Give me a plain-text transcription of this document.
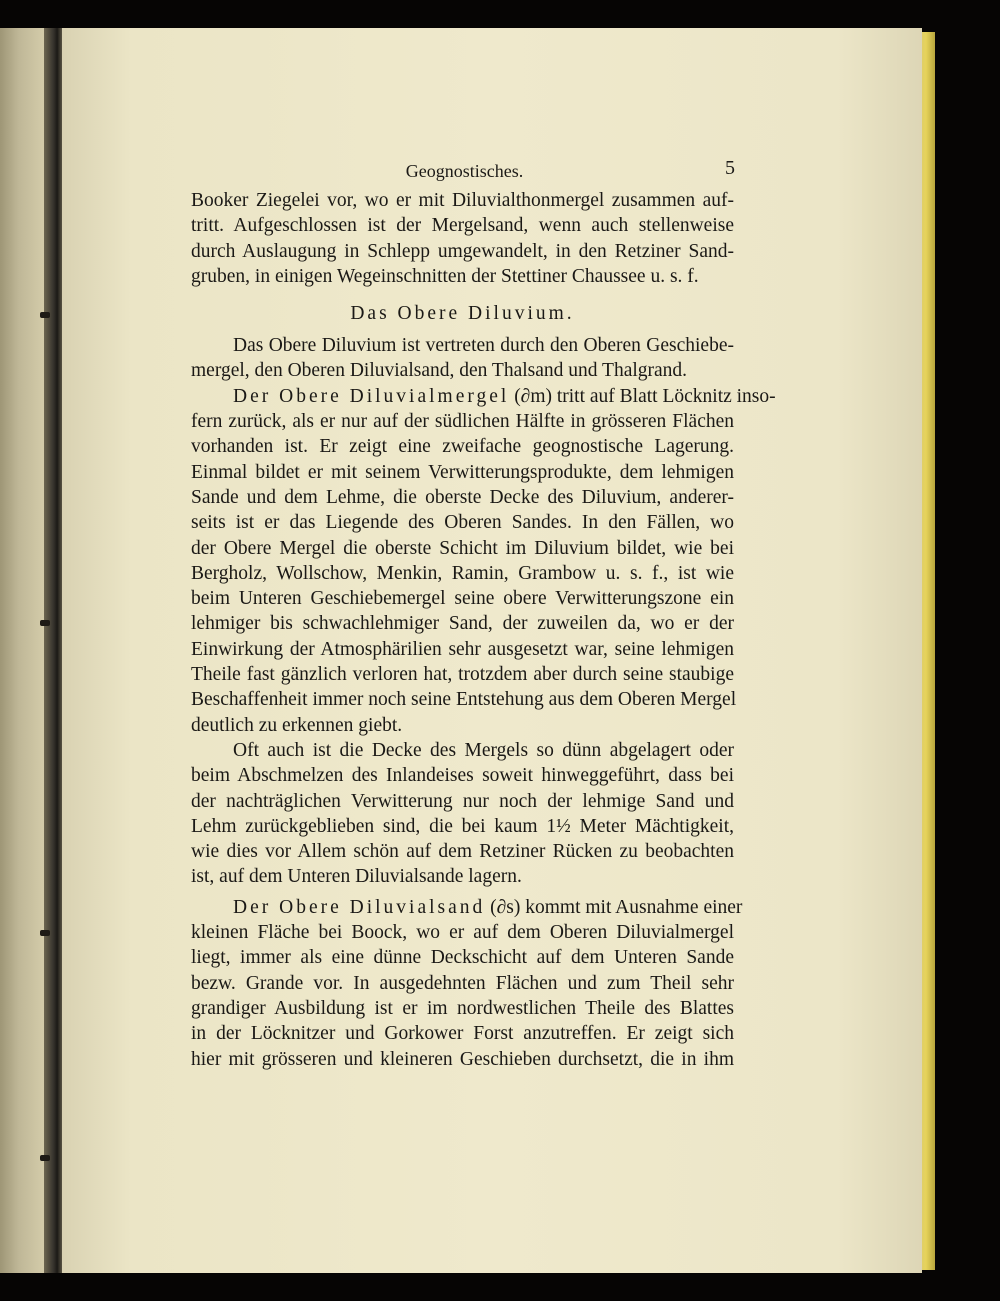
Geognostisches.	5
Booker Ziegelei vor, wo er mit Diluvialthonmergel zusammen auf-
tritt. Aufgeschlossen ist der Mergelsand, wenn auch stellenweise
durch Auslaugung in Schlepp umgewandelt, in den Retziner Sand-
gruben, in einigen Wegeinschnitten der Stettiner Chaussee u. s. f.
Das Obere Diluvium.
Das Obere Diluvium ist vertreten durch den Oberen Geschiebe-
mergel, den Oberen Diluvialsand, den Thalsand und Thalgrand.
Der Obere Diluvialmergel (∂m) tritt auf Blatt Löcknitz inso-
fern zurück, als er nur auf der südlichen Hälfte in grösseren Flächen
vorhanden ist. Er zeigt eine zweifache geognostische Lagerung.
Einmal bildet er mit seinem Verwitterungsprodukte, dem lehmigen
Sande und dem Lehme, die oberste Decke des Diluvium, anderer-
seits ist er das Liegende des Oberen Sandes. In den Fällen, wo
der Obere Mergel die oberste Schicht im Diluvium bildet, wie bei
Bergholz, Wollschow, Menkin, Ramin, Grambow u. s. f., ist wie
beim Unteren Geschiebemergel seine obere Verwitterungszone ein
lehmiger bis schwachlehmiger Sand, der zuweilen da, wo er der
Einwirkung der Atmosphärilien sehr ausgesetzt war, seine lehmigen
Theile fast gänzlich verloren hat, trotzdem aber durch seine staubige
Beschaffenheit immer noch seine Entstehung aus dem Oberen Mergel
deutlich zu erkennen giebt.
Oft auch ist die Decke des Mergels so dünn abgelagert oder
beim Abschmelzen des Inlandeises soweit hinweggeführt, dass bei
der nachträglichen Verwitterung nur noch der lehmige Sand und
Lehm zurückgeblieben sind, die bei kaum 1½ Meter Mächtigkeit,
wie dies vor Allem schön auf dem Retziner Rücken zu beobachten
ist, auf dem Unteren Diluvialsande lagern.
Der Obere Diluvialsand (∂s) kommt mit Ausnahme einer
kleinen Fläche bei Boock, wo er auf dem Oberen Diluvialmergel
liegt, immer als eine dünne Deckschicht auf dem Unteren Sande
bezw. Grande vor. In ausgedehnten Flächen und zum Theil sehr
grandiger Ausbildung ist er im nordwestlichen Theile des Blattes
in der Löcknitzer und Gorkower Forst anzutreffen. Er zeigt sich
hier mit grösseren und kleineren Geschieben durchsetzt, die in ihm
